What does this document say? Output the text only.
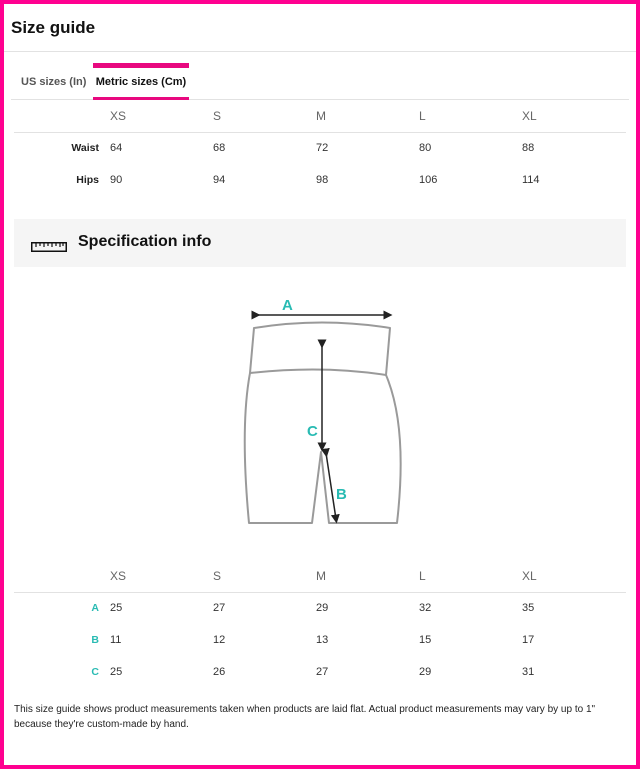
Size guide
US sizes (In) Metric sizes (Cm)
	XS	S	M	L	XL
Waist	64	68	72	80	88
Hips	90	94	98	106	114
Specification info
A
C
B
	XS	S	M	L	XL
A	25	27	29	32	35
B	11	12	13	15	17
C	25	26	27	29	31

This size guide shows product measurements taken when products are laid flat. Actual product measurements may vary by up to 1" because they're custom-made by hand.
